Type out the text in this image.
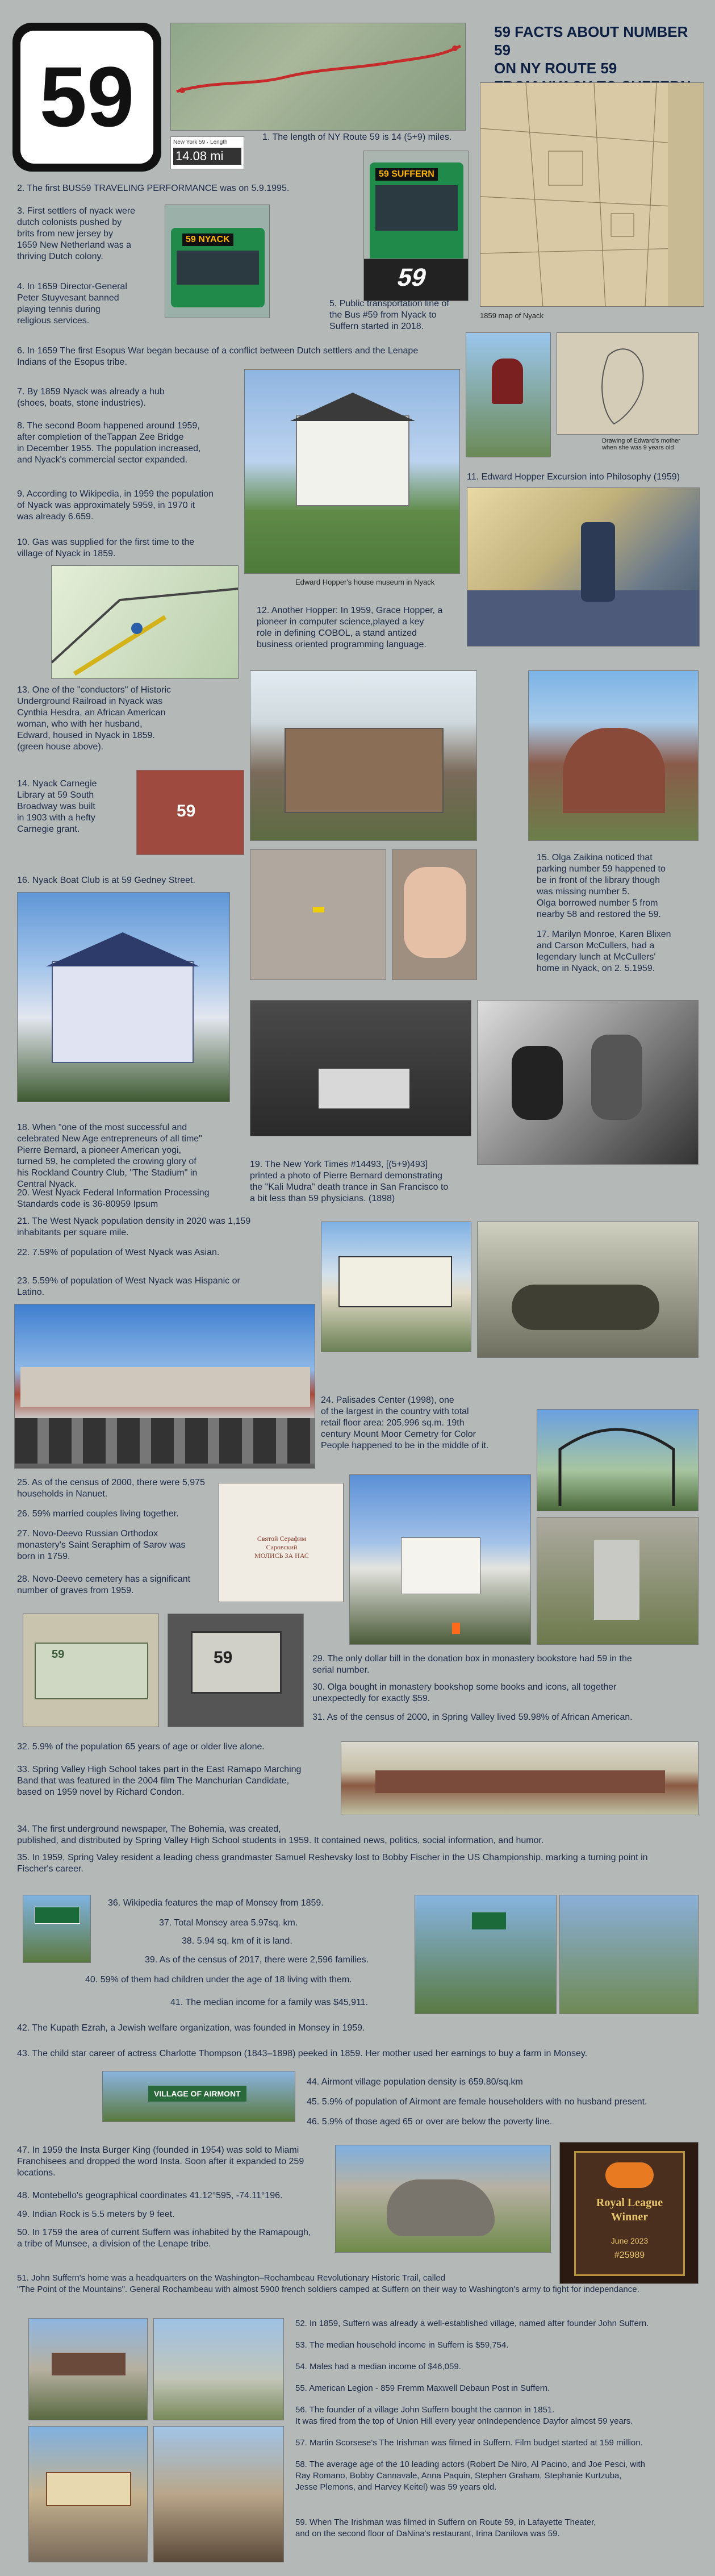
59	New York 59 · Length
14.08 mi
1. The length of NY Route 59 is 14 (5+9) miles.
59 FACTS ABOUT NUMBER 59
ON NY ROUTE 59

1859 map of Nyack
59 NYACK
59 SUFFERN
59
2. The first BUS59 TRAVELING PERFORMANCE was on 5.9.1995.
3. First settlers of nyack were
dutch colonists pushed by
brits from new jersey by
1659 New Netherland was a
thriving Dutch colony.
4. In 1659 Director-General
Peter Stuyvesant banned
playing tennis during
religious services.
5. Public transportation line of
the Bus #59 from Nyack to
Suffern started in 2018.
6. In 1659 The first Esopus War began because of a conflict between Dutch settlers and the Lenape
Indians of the Esopus tribe.
7. By 1859 Nyack was already a hub
(shoes, boats, stone industries).
8. The second Boom happened around 1959,
after completion of theTappan Zee Bridge
in December 1955. The population increased,
and Nyack's commercial sector expanded.
9. According to Wikipedia, in 1959 the population
of Nyack was approximately 5959, in 1970 it
was already 6.659.
10. Gas was supplied for the first time to the
village of Nyack in 1859.
Edward Hopper's house museum in Nyack
Drawing of Edward's mother
when she was 9 years old
11. Edward Hopper Excursion into Philosophy (1959)
12. Another Hopper: In 1959, Grace Hopper, a
pioneer in computer science,played a key
role in defining COBOL, a stand antized
business oriented programming language.
13. One of the "conductors" of Historic
Underground Railroad in Nyack was
Cynthia Hesdra, an African American
woman, who with her husband,
Edward, housed in Nyack in 1859.
(green house above).
14. Nyack Carnegie
Library at 59 South
Broadway was built
in 1903 with a hefty
Carnegie grant.
59
16. Nyack Boat Club is at 59 Gedney Street.
15. Olga Zaikina noticed that
parking number 59 happened to
be in front of the library though
was missing number 5.
Olga borrowed number 5 from
nearby 58 and restored the 59.
17. Marilyn Monroe, Karen Blixen
and Carson McCullers, had a
legendary lunch at McCullers'
home in Nyack, on 2. 5.1959.
18. When "one of the most successful and
celebrated New Age entrepreneurs of all time"
Pierre Bernard, a pioneer American yogi,
turned 59, he completed the crowing glory of
his Rockland Country Club, "The Stadium" in
Central Nyack.
19. The New York Times #14493, [(5+9)493]
printed a photo of Pierre Bernard demonstrating
the "Kali Mudra" death trance in San Francisco to
a bit less than 59 physicians. (1898)
20. West Nyack Federal Information Processing
Standards code is 36-80959 Ipsum
21. The West Nyack population density in 2020 was 1,159
inhabitants per square mile.
22. 7.59% of population of West Nyack was Asian.
23. 5.59% of population of West Nyack was Hispanic or Latino.
24. Palisades Center (1998), one
of the largest in the country with total
retail floor area: 205,996 sq.m. 19th
century Mount Moor Cemetry for Color
People happened to be in the middle of it.
25. As of the census of 2000, there were 5,975
households in Nanuet.
26. 59% married couples living together.
27. Novo-Deevo Russian Orthodox
monastery's Saint Seraphim of Sarov was
born in 1759.
28. Novo-Deevo cemetery has a significant
number of graves from 1959.
Cвятой Серафим
Саровский
MОЛИСЬ ЗА НАС
59	59	29. The only dollar bill in the donation box in monastery bookstore had 59 in the
serial number.
30. Olga bought in monastery bookshop some books and icons, all together
unexpectedly for exactly $59.
31. As of the census of 2000, in Spring Valley lived 59.98% of African American.
32. 5.9% of the population 65 years of age or older live alone.
33. Spring Valley High School takes part in the East Ramapo Marching
Band that was featured in the 2004 film The Manchurian Candidate,
based on 1959 novel by Richard Condon.
34. The first underground newspaper, The Bohemia, was created,
published, and distributed by Spring Valley High School students in 1959. It contained news, politics, social information, and humor.
35. In 1959, Spring Valey resident a leading chess grandmaster Samuel Reshevsky lost to Bobby Fischer in the US Championship, marking a turning point in
Fischer's career.
36. Wikipedia features the map of Monsey from 1859.
37. Total Monsey area 5.97sq. km.
38. 5.94 sq. km of it is land.
39. As of the census of 2017, there were 2,596 families.
40. 59% of them had children under the age of 18 living with them.
41. The median income for a family was $45,911.
42. The Kupath Ezrah, a Jewish welfare organization, was founded in Monsey in 1959.
43. The child star career of actress Charlotte Thompson (1843–1898) peeked in 1859. Her mother used her earnings to buy a farm in Monsey.
VILLAGE OF AIRMONT
44. Airmont village population density is 659.80/sq.km
45. 5.9% of population of Airmont are female householders with no husband present.
46. 5.9% of those aged 65 or over are below the poverty line.
47. In 1959 the Insta Burger King (founded in 1954) was sold to Miami
Franchisees and dropped the word Insta. Soon after it expanded to 259
locations.
48. Montebello's geographical coordinates 41.12°595, -74.11°196.
49. Indian Rock is 5.5 meters by 9 feet.
50. In 1759 the area of current Suffern was inhabited by the Ramapough,
a tribe of Munsee, a division of the Lenape tribe.
Royal League
Winner
June 2023
#25989
51. John Suffern's home was a headquarters on the Washington–Rochambeau Revolutionary Historic Trail, called
"The Point of the Mountains". General Rochambeau with almost 5900 french soldiers camped at Suffern on their way to Washington's army to fight for independance.
52. In 1859, Suffern was already a well-established village, named after founder John Suffern.
53. The median household income in Suffern is $59,754.
54. Males had a median income of $46,059.
55. American Legion - 859 Fremm Maxwell Debaun Post in Suffern.
56. The founder of a village John Suffern bought the cannon in 1851.
It was fired from the top of Union Hill every year onIndependence Dayfor almost 59 years.
57. Martin Scorsese's The Irishman was filmed in Suffern. Film budget started at 159 million.
58. The average age of the 10 leading actors (Robert De Niro, Al Pacino, and Joe Pesci, with
Ray Romano, Bobby Cannavale, Anna Paquin, Stephen Graham, Stephanie Kurtzuba,
Jesse Plemons, and Harvey Keitel) was 59 years old.
59. When The Irishman was filmed in Suffern on Route 59, in Lafayette Theater,
and on the second floor of DaNina's restaurant, Irina Danilova was 59.
